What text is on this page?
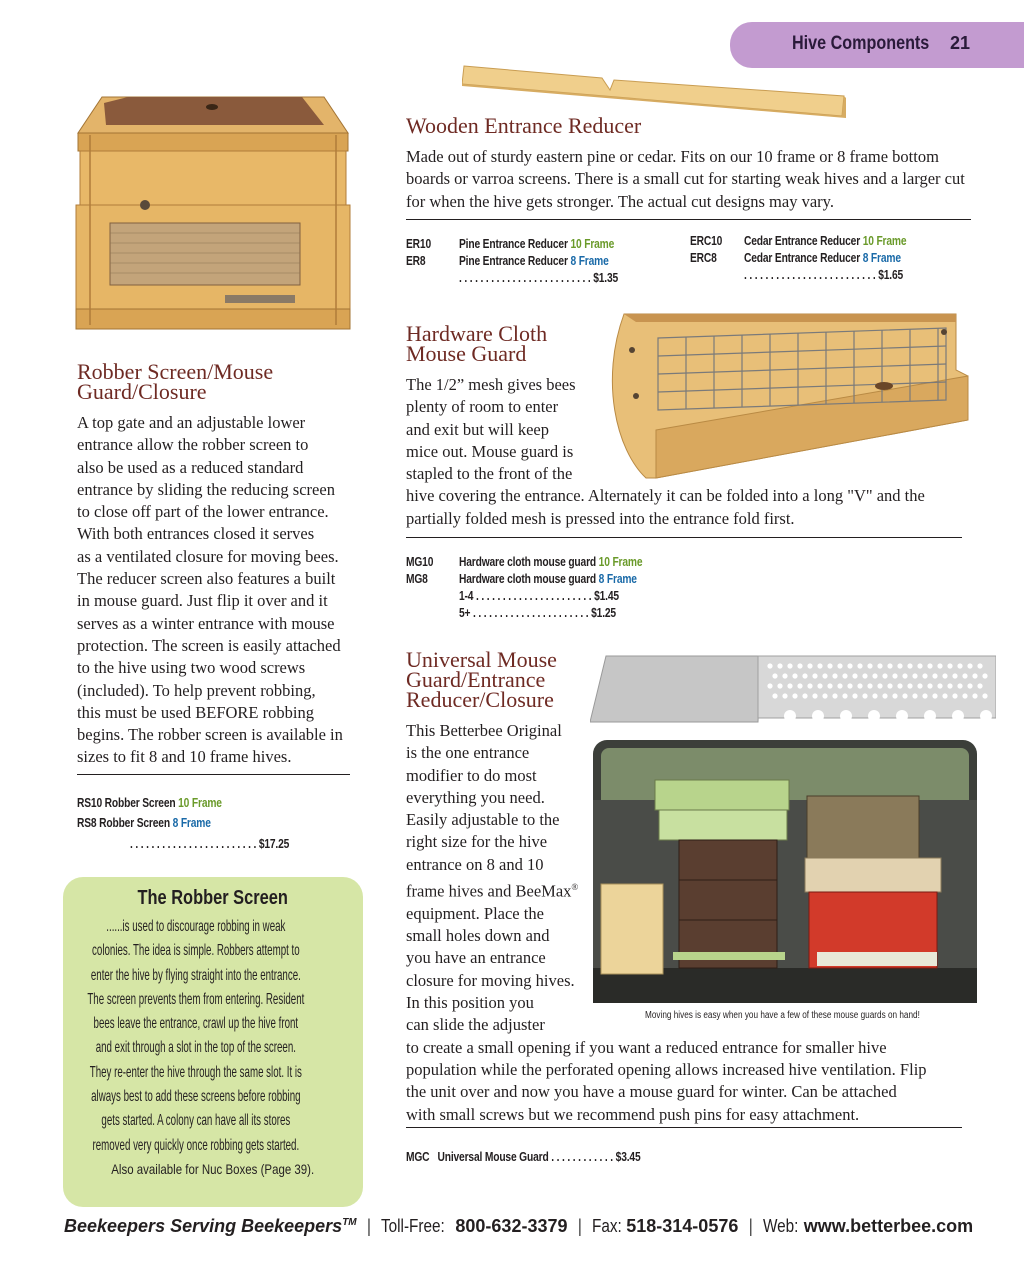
Hive Components 21
Wooden Entrance Reducer

Made out of sturdy eastern pine or cedar. Fits on our 10 frame or 8 frame bottom boards or varroa screens. There is a small cut for starting weak hives and a larger cut for when the hive gets stronger. The actual cut designs may vary.

ER10
ER8
Pine Entrance Reducer 10 Frame
Pine Entrance Reducer 8 Frame
. . . . . . . . . . . . . . . . . . . . . . . . . $1.35
ERC10
ERC8
Cedar Entrance Reducer 10 Frame
Cedar Entrance Reducer 8 Frame
. . . . . . . . . . . . . . . . . . . . . . . . . $1.65
Hardware Cloth
Mouse Guard

The 1/2” mesh gives bees
plenty of room to enter
and exit but will keep
mice out. Mouse guard is
stapled to the front of the
hive covering the entrance. Alternately it can be folded into a long "V" and the
partially folded mesh is pressed into the entrance fold first.

MG10
MG8
Hardware cloth mouse guard 10 Frame
Hardware cloth mouse guard 8 Frame
1-4 . . . . . . . . . . . . . . . . . . . . . . $1.45
5+ . . . . . . . . . . . . . . . . . . . . . . $1.25
Robber Screen/Mouse
Guard/Closure

A top gate and an adjustable lower
entrance allow the robber screen to
also be used as a reduced standard
entrance by sliding the reducing screen
to close off part of the lower entrance.
With both entrances closed it serves
as a ventilated closure for moving bees.
The reducer screen also features a built
in mouse guard. Just flip it over and it
serves as a winter entrance with mouse
protection. The screen is easily attached
to the hive using two wood screws
(included). To help prevent robbing,
this must be used BEFORE robbing
begins. The robber screen is available in
sizes to fit 8 and 10 frame hives.

RS10 Robber Screen 10 Frame
RS8 Robber Screen 8 Frame
. . . . . . . . . . . . . . . . . . . . . . . . $17.25
The Robber Screen
......is used to discourage robbing in weak
colonies. The idea is simple. Robbers attempt to
enter the hive by flying straight into the entrance.
The screen prevents them from entering. Resident
bees leave the entrance, crawl up the hive front
and exit through a slot in the top of the screen.
They re-enter the hive through the same slot. It is
always best to add these screens before robbing
gets started. A colony can have all its stores
removed very quickly once robbing gets started.
Also available for Nuc Boxes (Page 39).
Moving hives is easy when you have a few of these mouse guards on hand!
Universal Mouse
Guard/Entrance
Reducer/Closure

This Betterbee Original
is the one entrance
modifier to do most
everything you need.
Easily adjustable to the
right size for the hive
entrance on 8 and 10
frame hives and BeeMax®
equipment. Place the
small holes down and
you have an entrance
closure for moving hives.
In this position you
can slide the adjuster
to create a small opening if you want a reduced entrance for smaller hive
population while the perforated opening allows increased hive ventilation. Flip
the unit over and now you have a mouse guard for winter. Can be attached
with small screws but we recommend push pins for easy attachment.

MGC Universal Mouse Guard . . . . . . . . . . . . $3.45
Beekeepers Serving Beekeepers™ | Toll-Free: 800-632-3379 | Fax: 518-314-0576 | Web: www.betterbee.com
